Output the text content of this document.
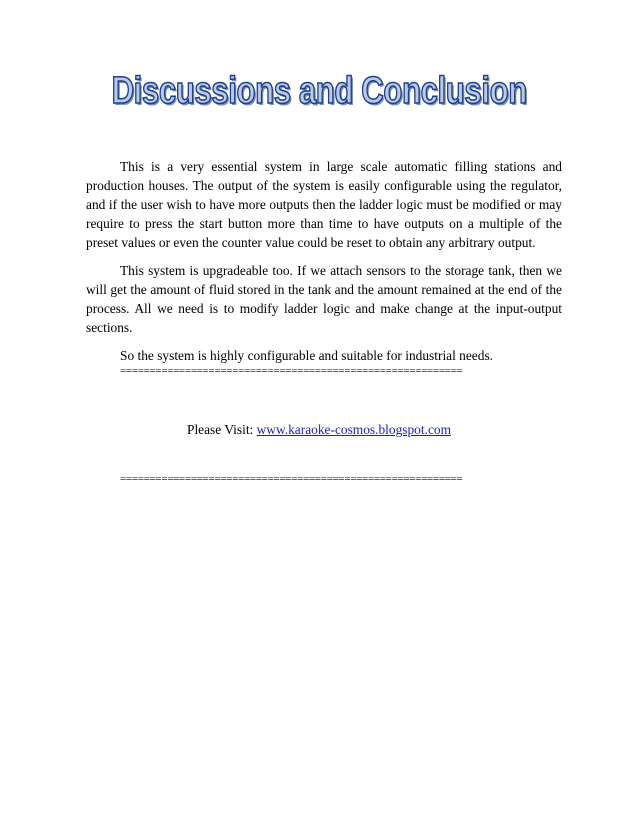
Discussions and Conclusion

This is a very essential system in large scale automatic filling stations and production houses. The output of the system is easily configurable using the regulator, and if the user wish to have more outputs then the ladder logic must be modified or may require to press the start button more than time to have outputs on a multiple of the preset values or even the counter value could be reset to obtain any arbitrary output.

This system is upgradeable too. If we attach sensors to the storage tank, then we will get the amount of fluid stored in the tank and the amount remained at the end of the process. All we need is to modify ladder logic and make change at the input-output sections.

So the system is highly configurable and suitable for industrial needs.

==========================================================
Please Visit: www.karaoke-cosmos.blogspot.com
==========================================================
